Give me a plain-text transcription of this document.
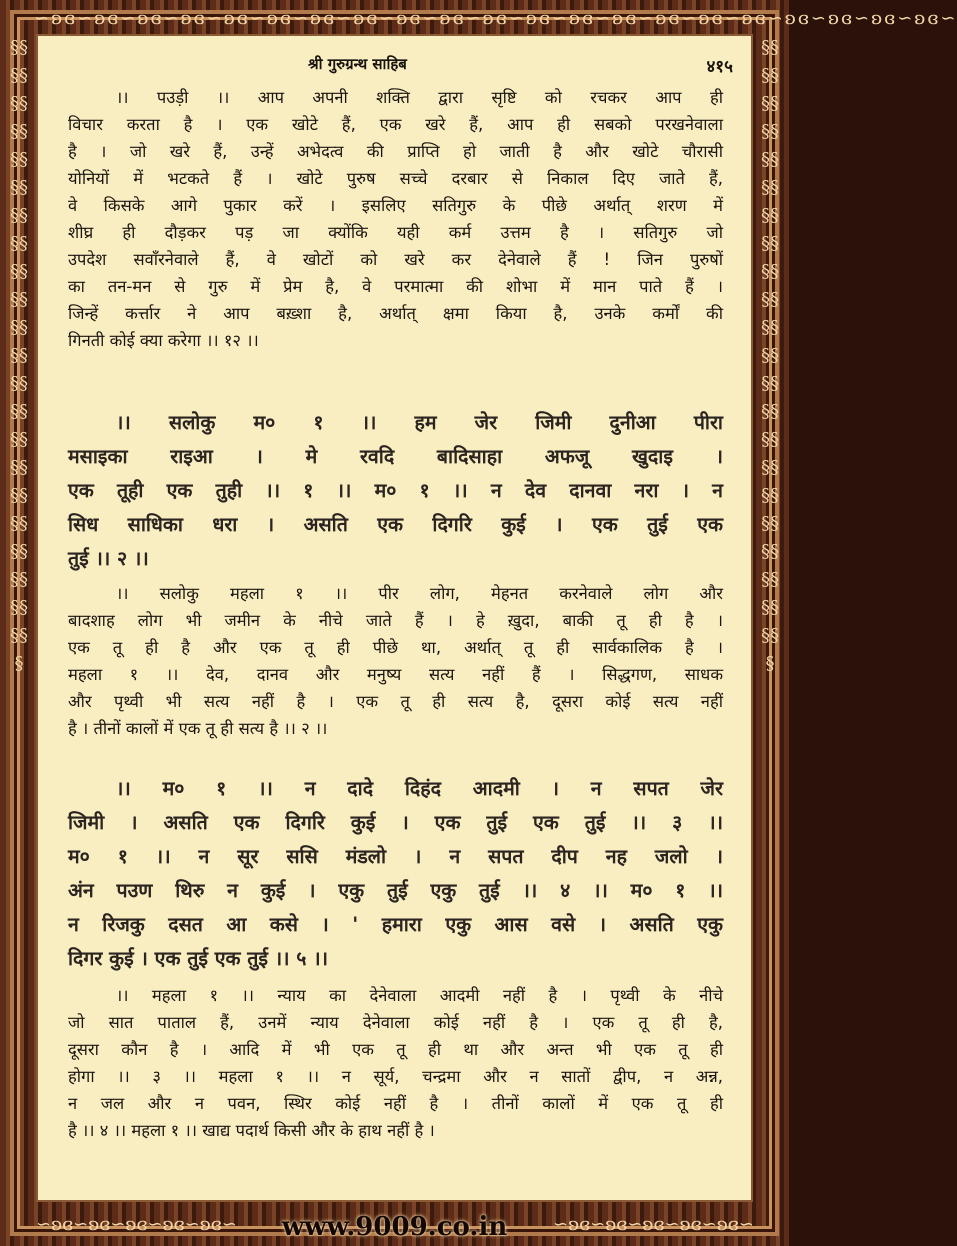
∽ʚɞ∽ʚɞ∽ʚɞ∽ʚɞ∽ʚɞ∽ʚɞ∽ʚɞ∽ʚɞ∽ʚɞ∽ʚɞ∽ʚɞ∽ʚɞ∽ʚɞ∽ʚɞ∽ʚɞ∽ʚɞ∽ʚɞ∽ʚɞ∽ʚɞ∽ʚɞ∽ʚɞ∽
§§§§§§§§§§§§§§§§§§§§§§§§§§§§§§§§§§§§§§§§§§§§§
§§§§§§§§§§§§§§§§§§§§§§§§§§§§§§§§§§§§§§§§§§§§§
श्री गुरुग्रन्थ साहिब	४१५
।। पउड़ी ।। आप अपनी शक्ति द्वारा सृष्टि को रचकर आप ही
विचार करता है । एक खोटे हैं, एक खरे हैं, आप ही सबको परखनेवाला
है । जो खरे हैं, उन्हें अभेदत्व की प्राप्ति हो जाती है और खोटे चौरासी
योनियों में भटकते हैं । खोटे पुरुष सच्चे दरबार से निकाल दिए जाते हैं,
वे किसके आगे पुकार करें । इसलिए सतिगुरु के पीछे अर्थात् शरण में
शीघ्र ही दौड़कर पड़ जा क्योंकि यही कर्म उत्तम है । सतिगुरु जो
उपदेश सवाँरनेवाले हैं, वे खोटों को खरे कर देनेवाले हैं ! जिन पुरुषों
का तन-मन से गुरु में प्रेम है, वे परमात्मा की शोभा में मान पाते हैं ।
जिन्हें कर्त्तार ने आप बख़्शा है, अर्थात् क्षमा किया है, उनके कर्मों की
गिनती कोई क्या करेगा ।। १२ ।।
।। सलोकु म० १ ।। हम जेर जिमी दुनीआ पीरा
मसाइका राइआ । मे रवदि बादिसाहा अफजू खुदाइ ।
एक तूही एक तुही ।। १ ।। म० १ ।। न देव दानवा नरा । न
सिध साधिका धरा । असति एक दिगरि कुई । एक तुई एक
तुई ।। २ ।।
।। सलोकु महला १ ।। पीर लोग, मेहनत करनेवाले लोग और
बादशाह लोग भी जमीन के नीचे जाते हैं । हे ख़ुदा, बाकी तू ही है ।
एक तू ही है और एक तू ही पीछे था, अर्थात् तू ही सार्वकालिक है ।
महला १ ।। देव, दानव और मनुष्य सत्य नहीं हैं । सिद्धगण, साधक
और पृथ्वी भी सत्य नहीं है । एक तू ही सत्य है, दूसरा कोई सत्य नहीं
है । तीनों कालों में एक तू ही सत्य है ।। २ ।।
।। म० १ ।। न दादे दिहंद आदमी । न सपत जेर
जिमी । असति एक दिगरि कुई । एक तुई एक तुई ।। ३ ।।
म० १ ।। न सूर ससि मंडलो । न सपत दीप नह जलो ।
अंन पउण थिरु न कुई । एकु तुई एकु तुई ।। ४ ।। म० १ ।।
न रिजकु दसत आ कसे । ' हमारा एकु आस वसे । असति एकु
दिगर कुई । एक तुई एक तुई ।। ५ ।।
।। महला १ ।। न्याय का देनेवाला आदमी नहीं है । पृथ्वी के नीचे
जो सात पाताल हैं, उनमें न्याय देनेवाला कोई नहीं है । एक तू ही है,
दूसरा कौन है । आदि में भी एक तू ही था और अन्त भी एक तू ही
होगा ।। ३ ।। महला १ ।। न सूर्य, चन्द्रमा और न सातों द्वीप, न अन्न,
न जल और न पवन, स्थिर कोई नहीं है । तीनों कालों में एक तू ही
है ।। ४ ।। महला १ ।। खाद्य पदार्थ किसी और के हाथ नहीं है ।
∽ʚɞ∽ʚɞ∽ʚɞ∽ʚɞ∽ʚɞ∽	∽ʚɞ∽ʚɞ∽ʚɞ∽ʚɞ∽ʚɞ∽
www.9009.co.in
